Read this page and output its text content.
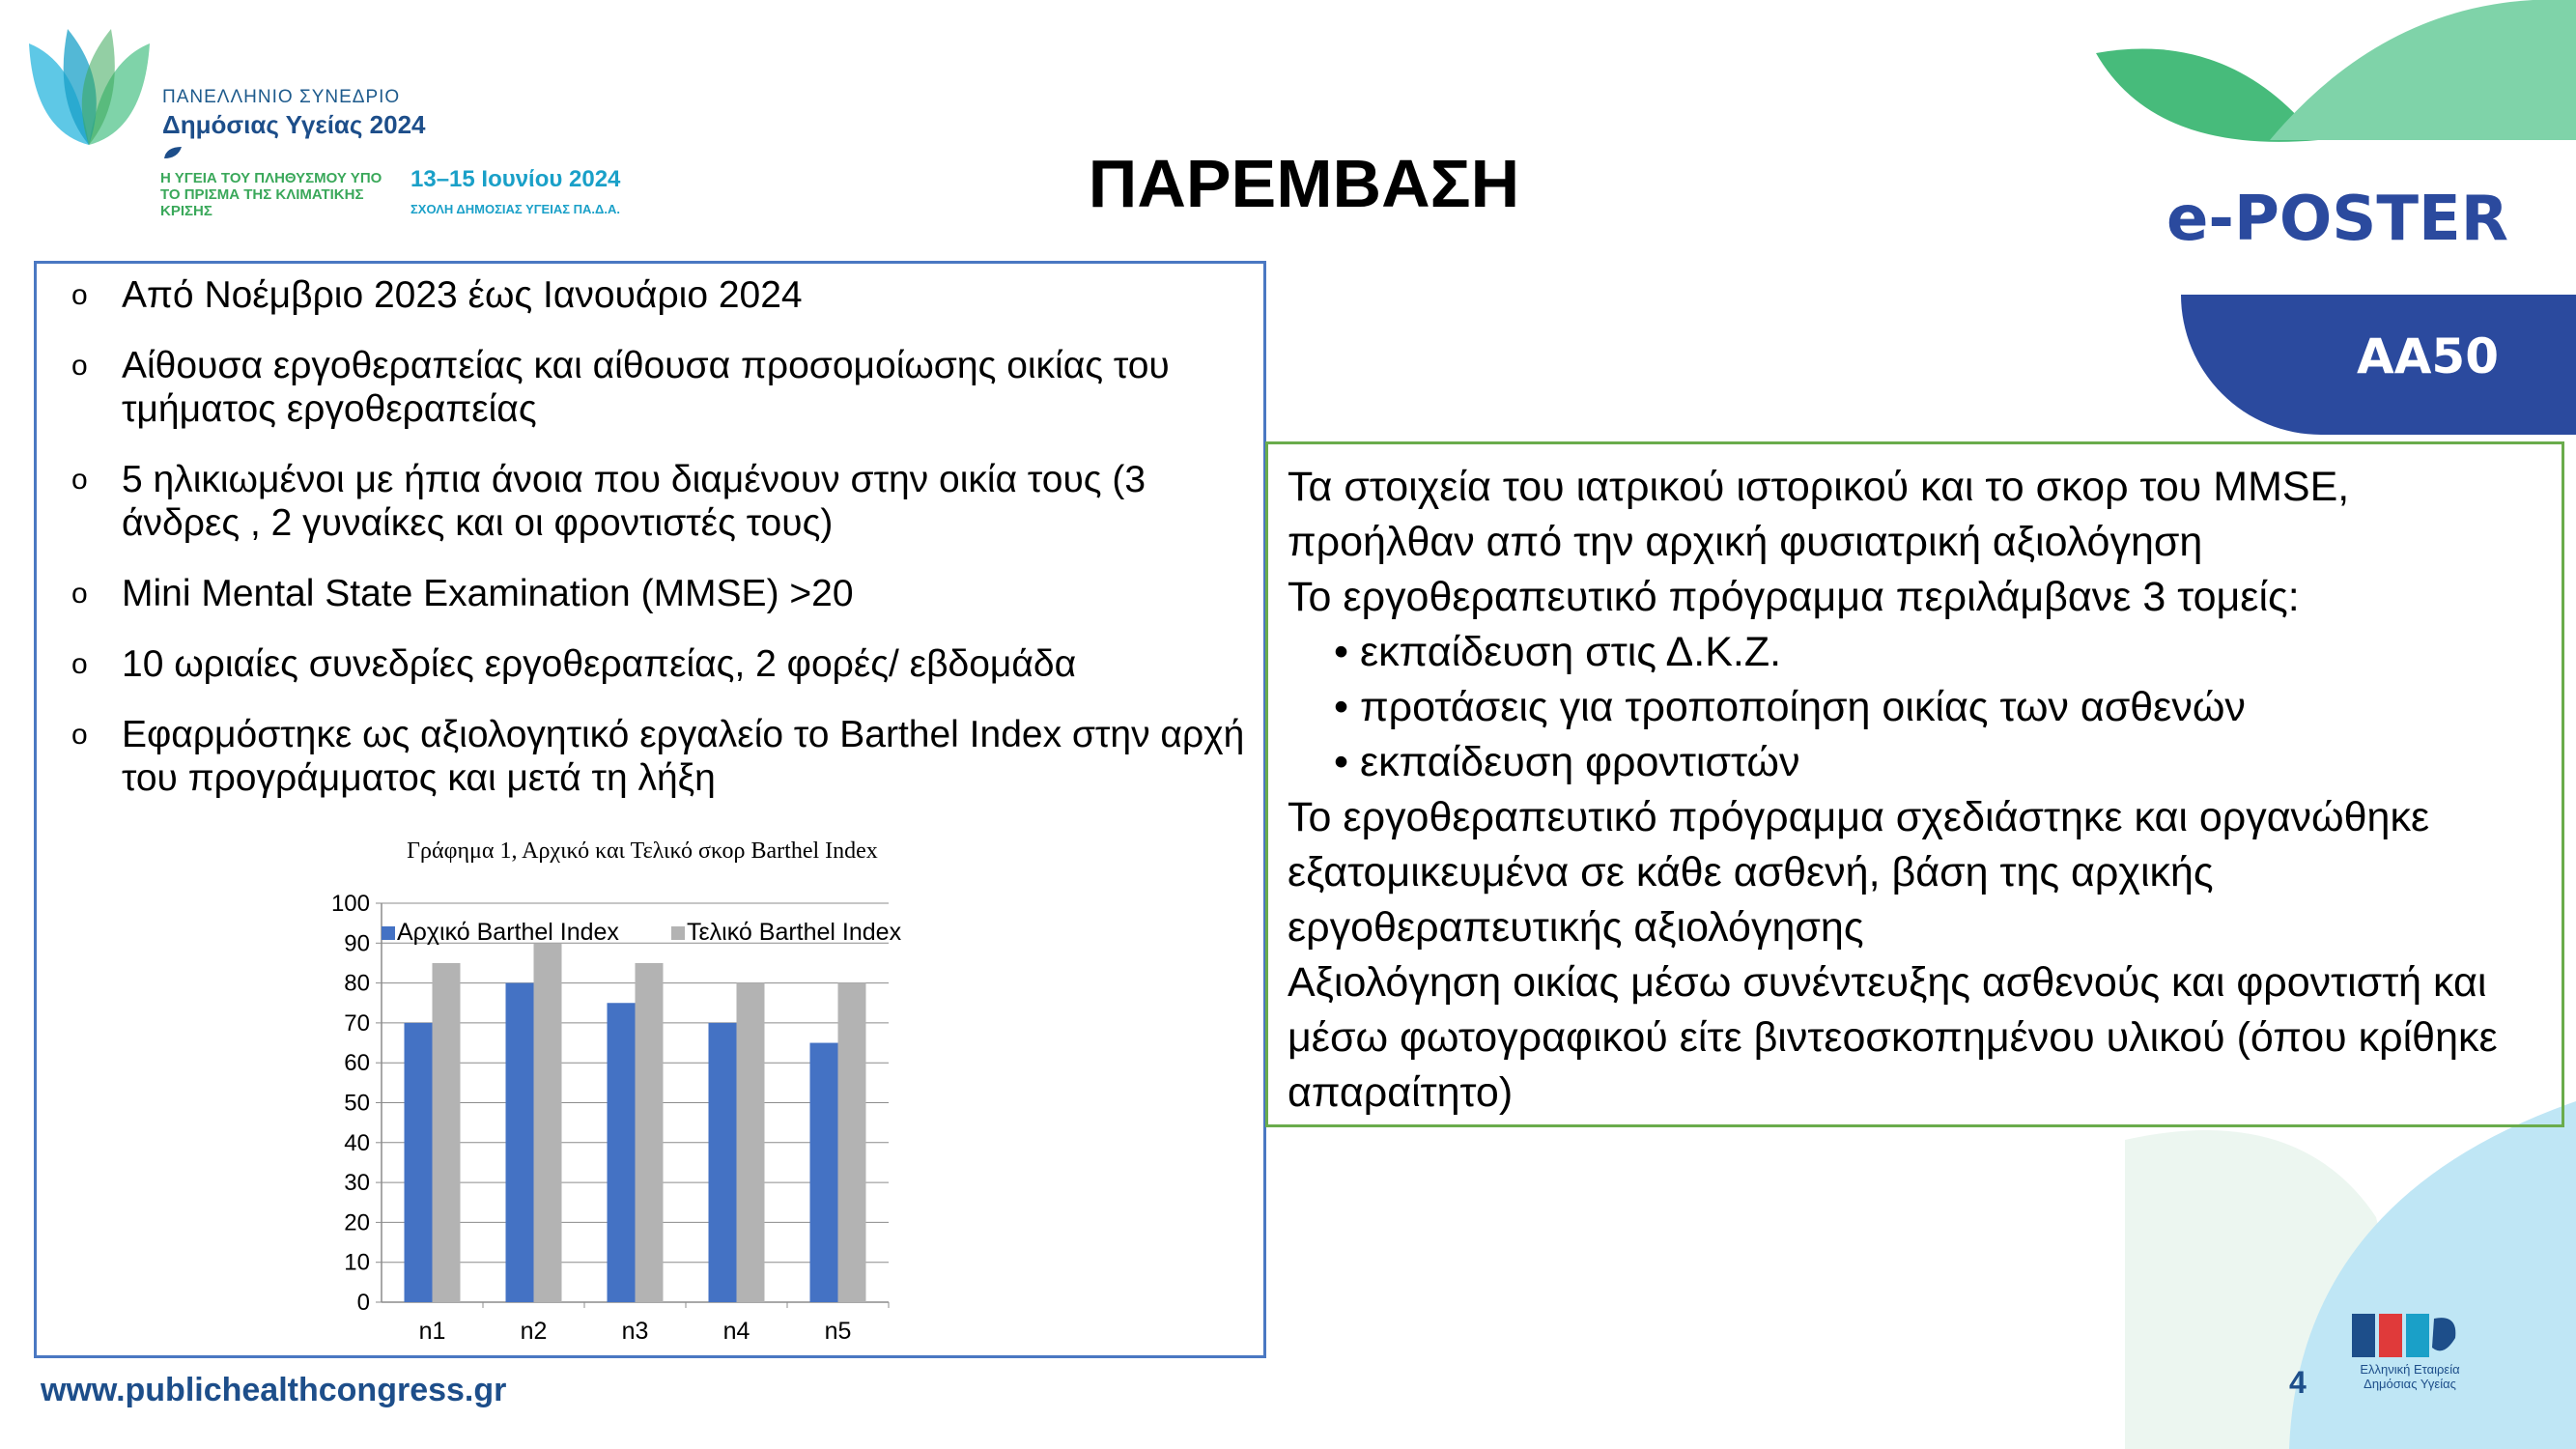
ΠΑΝΕΛΛΗΝΙΟ ΣΥΝΕΔΡΙΟ
Δημόσιας Υγείας 2024
Η ΥΓΕΙΑ ΤΟΥ ΠΛΗΘΥΣΜΟΥ ΥΠΟ ΤΟ ΠΡΙΣΜΑ ΤΗΣ ΚΛΙΜΑΤΙΚΗΣ ΚΡΙΣΗΣ
13–15 Ιουνίου 2024
ΣΧΟΛΗ ΔΗΜΟΣΙΑΣ ΥΓΕΙΑΣ ΠΑ.Δ.Α.	ΠΑΡΕΜΒΑΣΗ	e-POSTER
AA50
o Από Νοέμβριο 2023 έως Ιανουάριο 2024
o Αίθουσα εργοθεραπείας και αίθουσα προσομοίωσης οικίας του τμήματος εργοθεραπείας
o 5 ηλικιωμένοι με ήπια άνοια που διαμένουν στην οικία τους (3 άνδρες , 2 γυναίκες και οι φροντιστές τους)
o Mini Mental State Examination (MMSE) >20
o 10 ωριαίες συνεδρίες εργοθεραπείας, 2 φορές/ εβδομάδα
o Εφαρμόστηκε ως αξιολογητικό εργαλείο το Barthel Index στην αρχή του προγράμματος και μετά τη λήξη
Γράφημα 1, Αρχικό και Τελικό σκορ Barthel Index
0
10
20
30
40
50
60
70
80
90
100
n1	n2	n3	n4	n5
Αρχικό Barthel Index	Τελικό Barthel Index
Τα στοιχεία του ιατρικού ιστορικού και το σκορ του MMSE, προήλθαν από την αρχική φυσιατρική αξιολόγηση
Το εργοθεραπευτικό πρόγραμμα περιλάμβανε 3 τομείς:
• εκπαίδευση στις Δ.Κ.Ζ.
• προτάσεις για τροποποίηση οικίας των ασθενών
• εκπαίδευση φροντιστών
Το εργοθεραπευτικό πρόγραμμα σχεδιάστηκε και οργανώθηκε εξατομικευμένα σε κάθε ασθενή, βάση της αρχικής εργοθεραπευτικής αξιολόγησης
Αξιολόγηση οικίας μέσω συνέντευξης ασθενούς και φροντιστή και μέσω φωτογραφικού είτε βιντεοσκοπημένου υλικού (όπου κρίθηκε απαραίτητο)
www.publichealthcongress.gr	4	Ελληνική Εταιρεία Δημόσιας Υγείας
